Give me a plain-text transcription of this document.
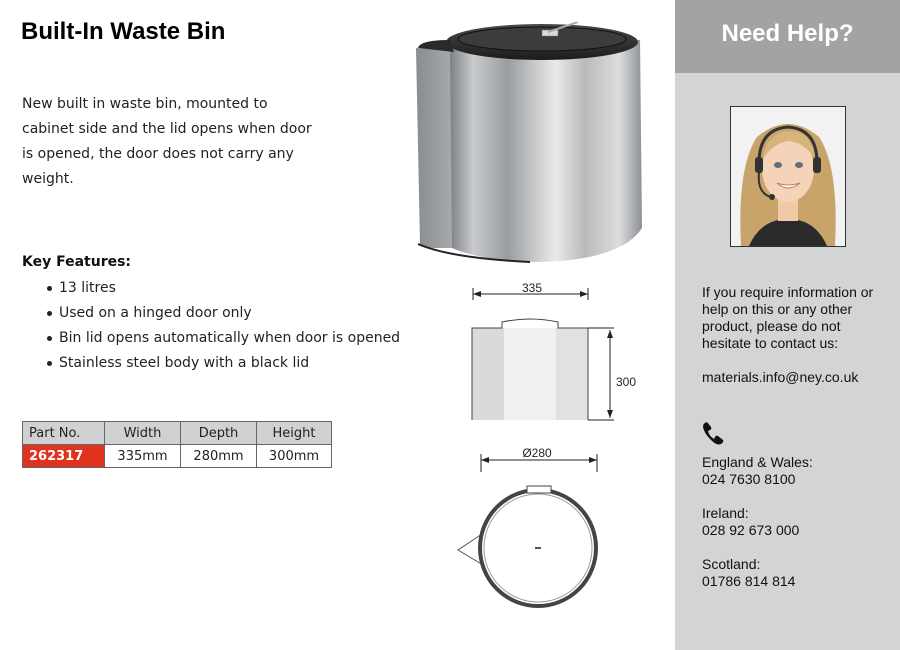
Built-In Waste Bin
New built in waste bin, mounted to cabinet side and the lid opens when door is opened, the door does not carry any weight.
Key Features:
13 litres
Used on a hinged door only
Bin lid opens automatically when door is opened
Stainless steel body with a black lid
Part No.	Width	Depth	Height
262317	335mm	280mm	300mm
335
300
Ø280
Need Help?
If you require information or help on this or any other product, please do not hesitate to contact us:
materials.info@ney.co.uk
England & Wales:
024 7630 8100
Ireland:
028 92 673 000
Scotland:
01786 814 814
